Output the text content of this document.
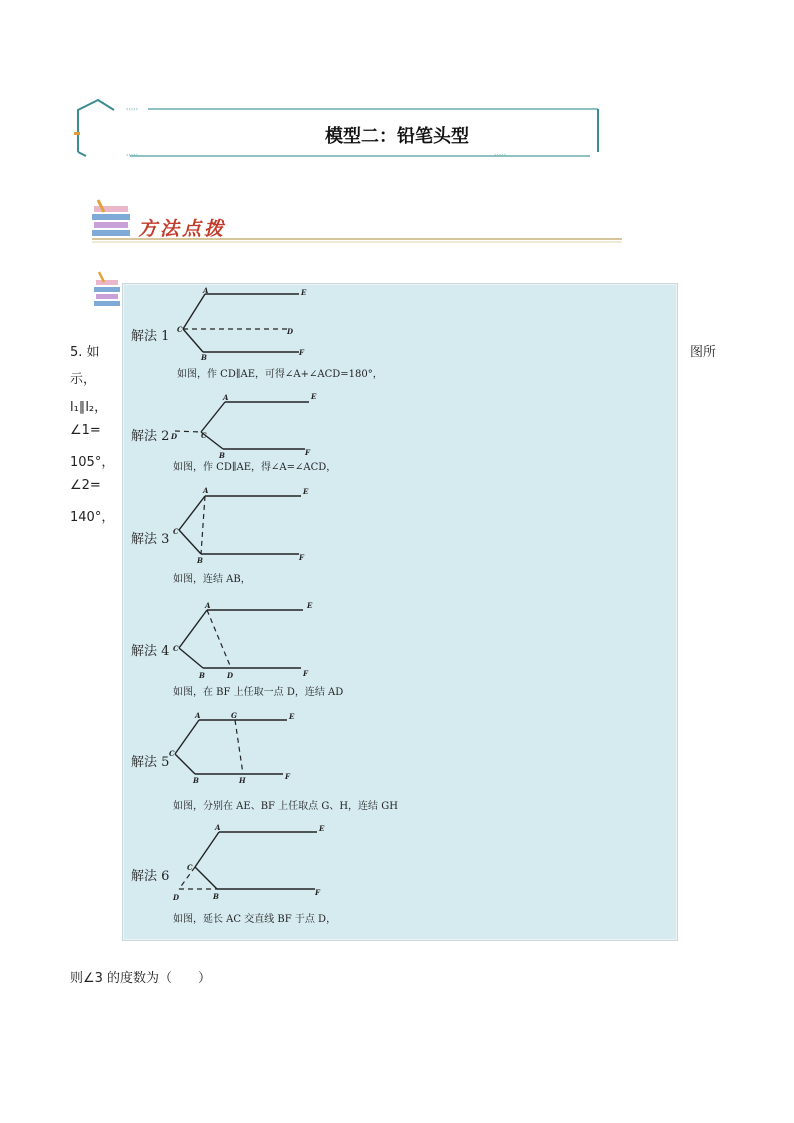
›››››
›››››	›››››
模型二：铅笔头型
方法点拨
5. 如
示，
l₁∥l₂，
∠1=
105°，
∠2=
140°，
图所
则∠3 的度数为（　　）
解法 1
A	E
C	D
B
F
如图，作 CD∥AE，可得∠A+∠ACD=180°，
解法 2
A	E
C
D
B	F
如图，作 CD∥AE，得∠A=∠ACD，
解法 3
A	E
C
B	F
如图，连结 AB，
解法 4
A	E
C
B	D	F
如图，在 BF 上任取一点 D，连结 AD
解法 5
A	G	E
C
B	H	F
如图，分别在 AE、BF 上任取点 G、H，连结 GH
解法 6
A	E
C
B
D
F
如图，延长 AC 交直线 BF 于点 D，
